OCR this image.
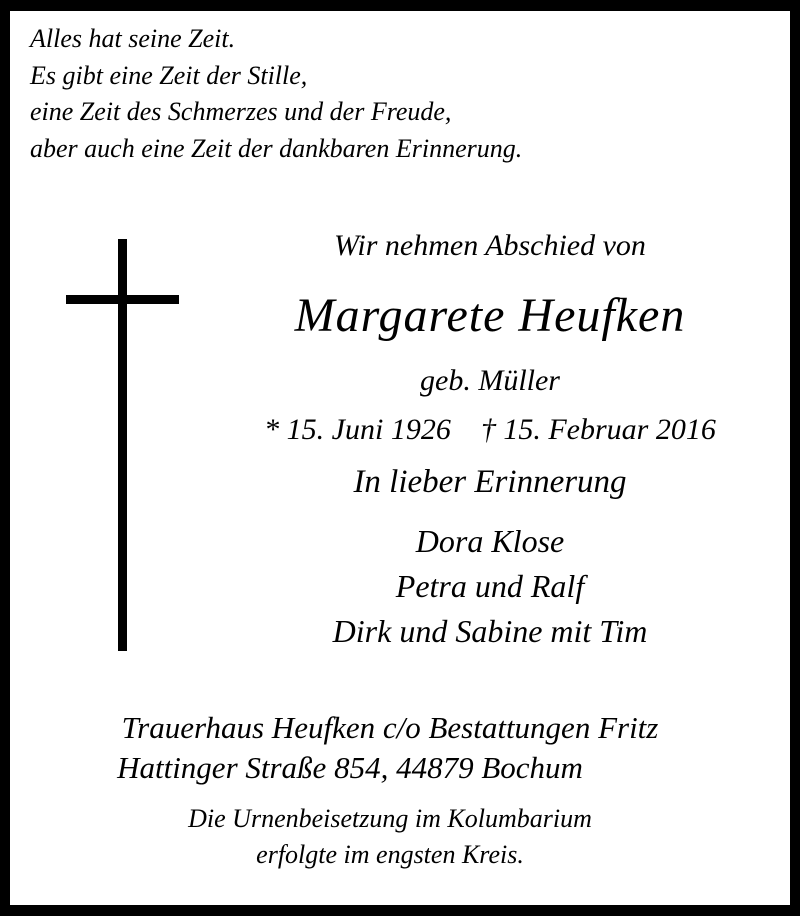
Alles hat seine Zeit.
Es gibt eine Zeit der Stille,
eine Zeit des Schmerzes und der Freude,
aber auch eine Zeit der dankbaren Erinnerung.
Wir nehmen Abschied von
Margarete Heufken
geb. Müller
* 15. Juni 1926 † 15. Februar 2016
In lieber Erinnerung
Dora Klose
Petra und Ralf
Dirk und Sabine mit Tim
Trauerhaus Heufken c/o Bestattungen Fritz
Hattinger Straße 854, 44879 Bochum
Die Urnenbeisetzung im Kolumbarium
erfolgte im engsten Kreis.
